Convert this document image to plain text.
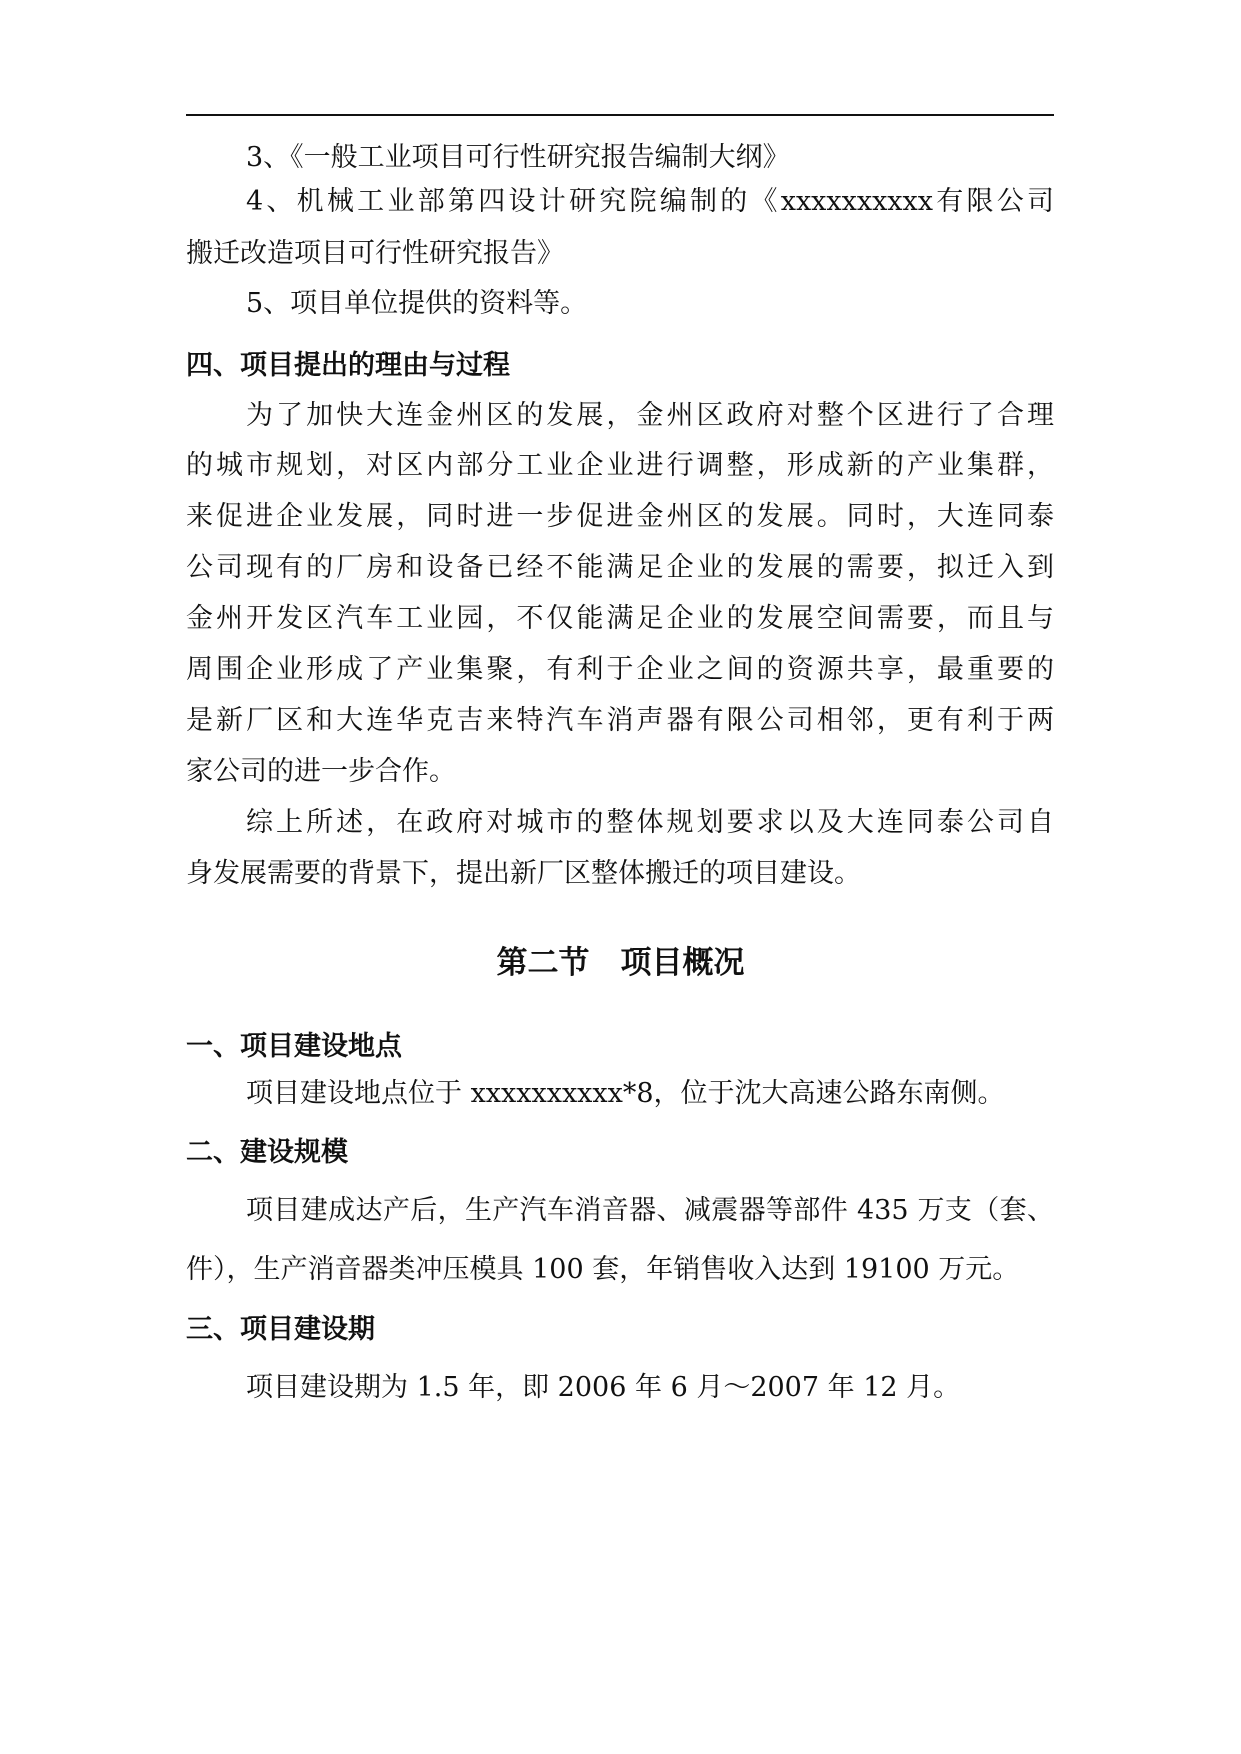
3、《一般工业项目可行性研究报告编制大纲》
4、机械工业部第四设计研究院编制的《xxxxxxxxxx有限公司
搬迁改造项目可行性研究报告》
5、项目单位提供的资料等。
四、项目提出的理由与过程
为了加快大连金州区的发展，金州区政府对整个区进行了合理
的城市规划，对区内部分工业企业进行调整，形成新的产业集群，
来促进企业发展，同时进一步促进金州区的发展。同时，大连同泰
公司现有的厂房和设备已经不能满足企业的发展的需要，拟迁入到
金州开发区汽车工业园，不仅能满足企业的发展空间需要，而且与
周围企业形成了产业集聚，有利于企业之间的资源共享，最重要的
是新厂区和大连华克吉来特汽车消声器有限公司相邻，更有利于两
家公司的进一步合作。
综上所述，在政府对城市的整体规划要求以及大连同泰公司自
身发展需要的背景下，提出新厂区整体搬迁的项目建设。
第二节　项目概况
一、项目建设地点
项目建设地点位于 xxxxxxxxxx*8，位于沈大高速公路东南侧。
二、建设规模
项目建成达产后，生产汽车消音器、减震器等部件 435 万支（套、
件），生产消音器类冲压模具 100 套，年销售收入达到 19100 万元。
三、项目建设期
项目建设期为 1.5 年，即 2006 年 6 月～2007 年 12 月。
